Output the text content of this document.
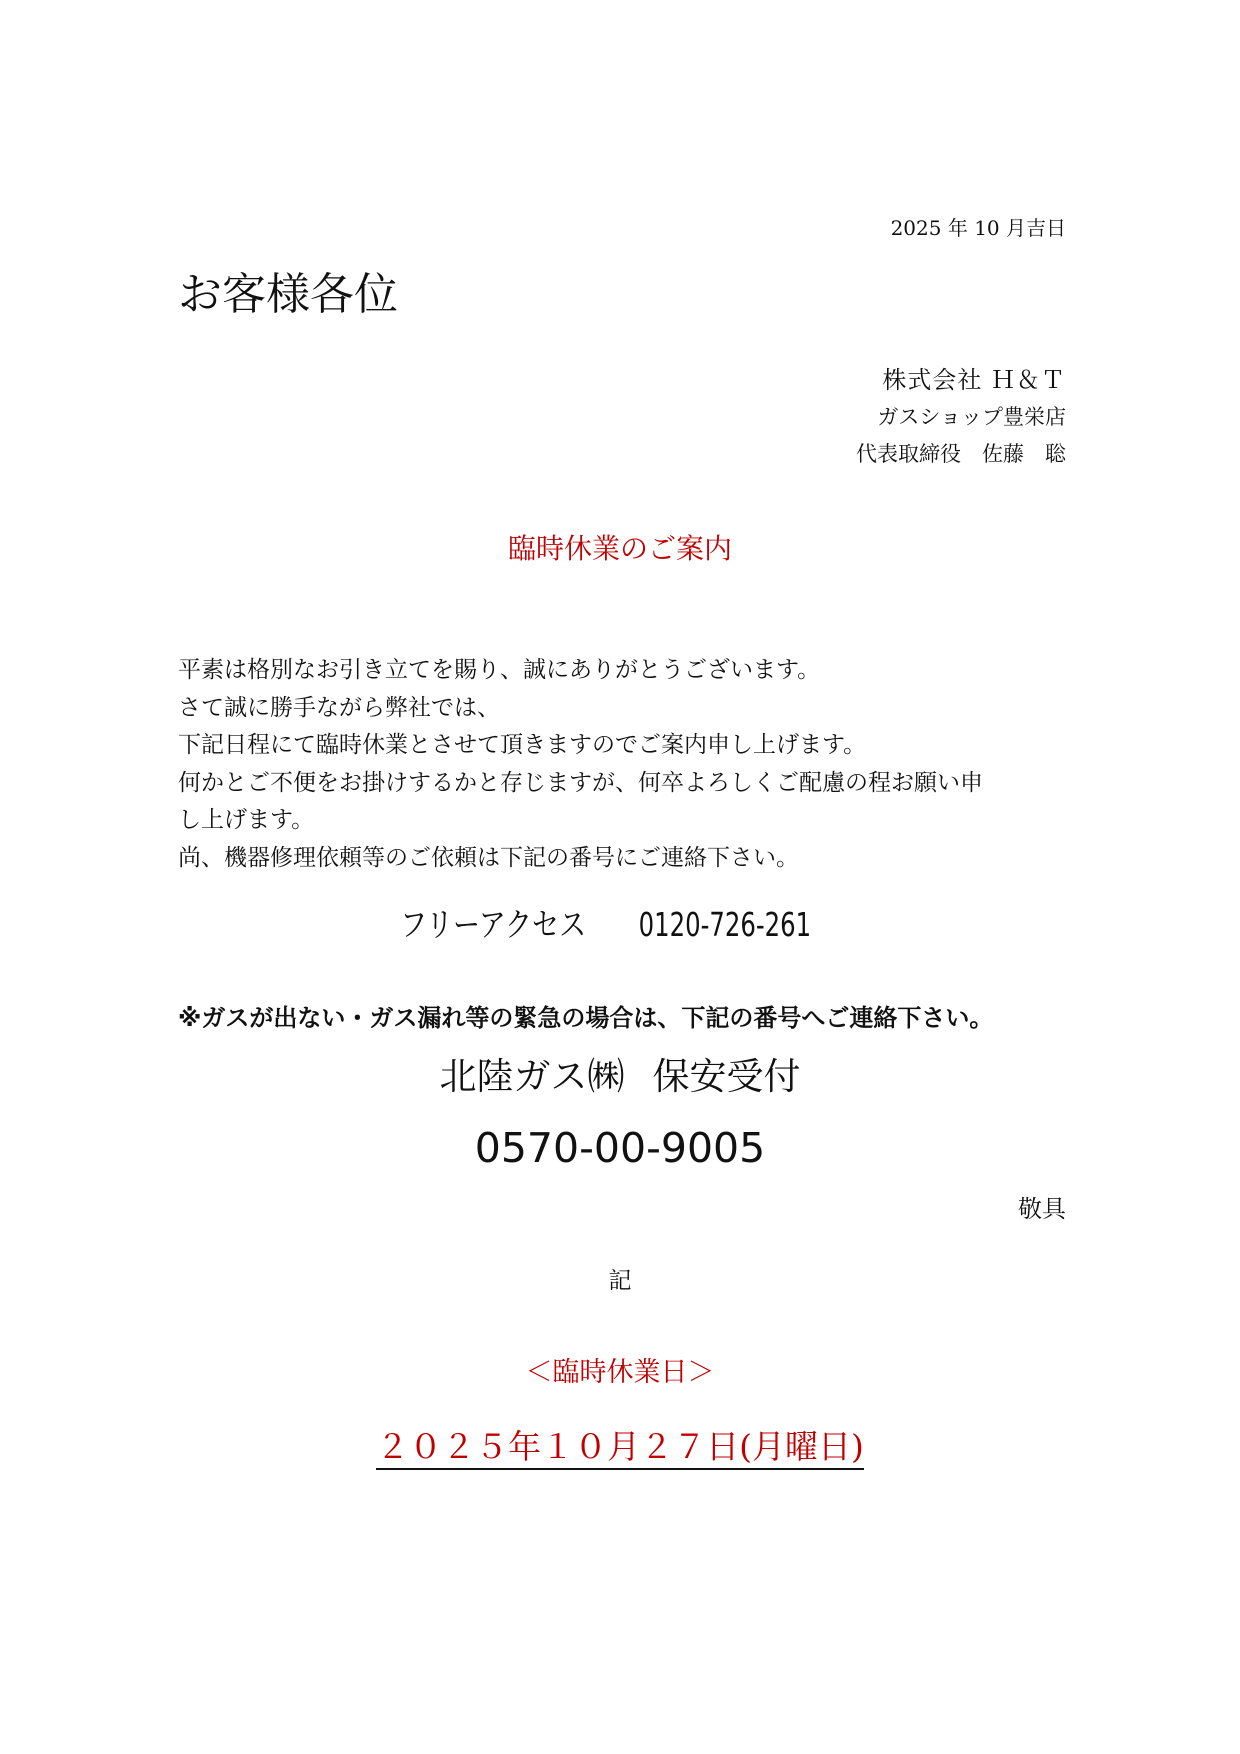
2025 年 10 月吉日
お客様各位
株式会社 Ｈ＆Ｔ
ガスショップ豊栄店
代表取締役　佐藤　聡
臨時休業のご案内
平素は格別なお引き立てを賜り、誠にありがとうございます。
さて誠に勝手ながら弊社では、
下記日程にて臨時休業とさせて頂きますのでご案内申し上げます。
何かとご不便をお掛けするかと存じますが、何卒よろしくご配慮の程お願い申
し上げます。
尚、機器修理依頼等のご依頼は下記の番号にご連絡下さい。
フリーアクセス 0120-726-261
※ガスが出ない・ガス漏れ等の緊急の場合は、下記の番号へご連絡下さい。
北陸ガス㈱ 保安受付
0570-00-9005
敬具
記
＜臨時休業日＞
２０２５年１０月２７日(月曜日)
